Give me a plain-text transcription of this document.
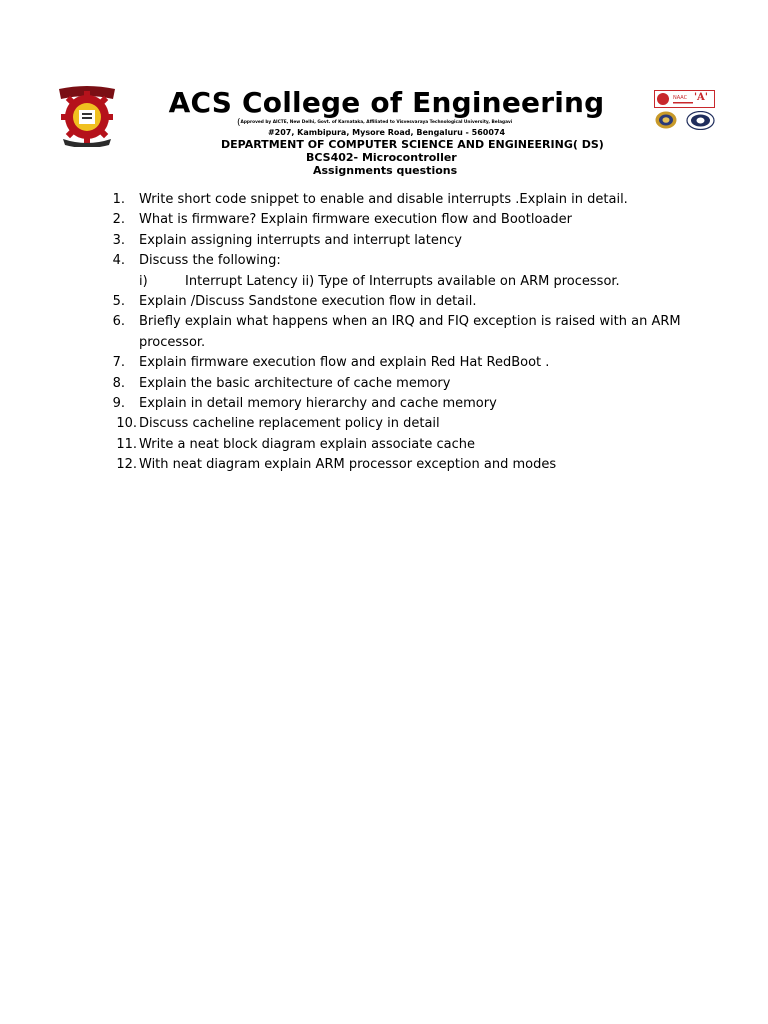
NAAC 'A'
ACS College of Engineering
(Approved by AICTE, New Delhi, Govt. of Karnataka, Affiliated to Visvesvaraya Technological University, Belagavi
#207, Kambipura, Mysore Road, Bengaluru - 560074
DEPARTMENT OF COMPUTER SCIENCE AND ENGINEERING( DS)
BCS402- Microcontroller
Assignments questions
1. Write short code snippet to enable and disable interrupts .Explain in detail.
2. What is firmware? Explain firmware execution flow and Bootloader
3. Explain assigning interrupts and interrupt latency
4. Discuss the following:
i)	Interrupt Latency ii) Type of Interrupts available on ARM processor.
5. Explain /Discuss Sandstone execution flow in detail.
6. Briefly explain what happens when an IRQ and FIQ exception is raised with an ARM
processor.
7. Explain firmware execution flow and explain Red Hat RedBoot .
8. Explain the basic architecture of cache memory
9. Explain in detail memory hierarchy and cache memory
10. Discuss cacheline replacement policy in detail
11. Write a neat block diagram explain associate cache
12. With neat diagram explain ARM processor exception and modes
